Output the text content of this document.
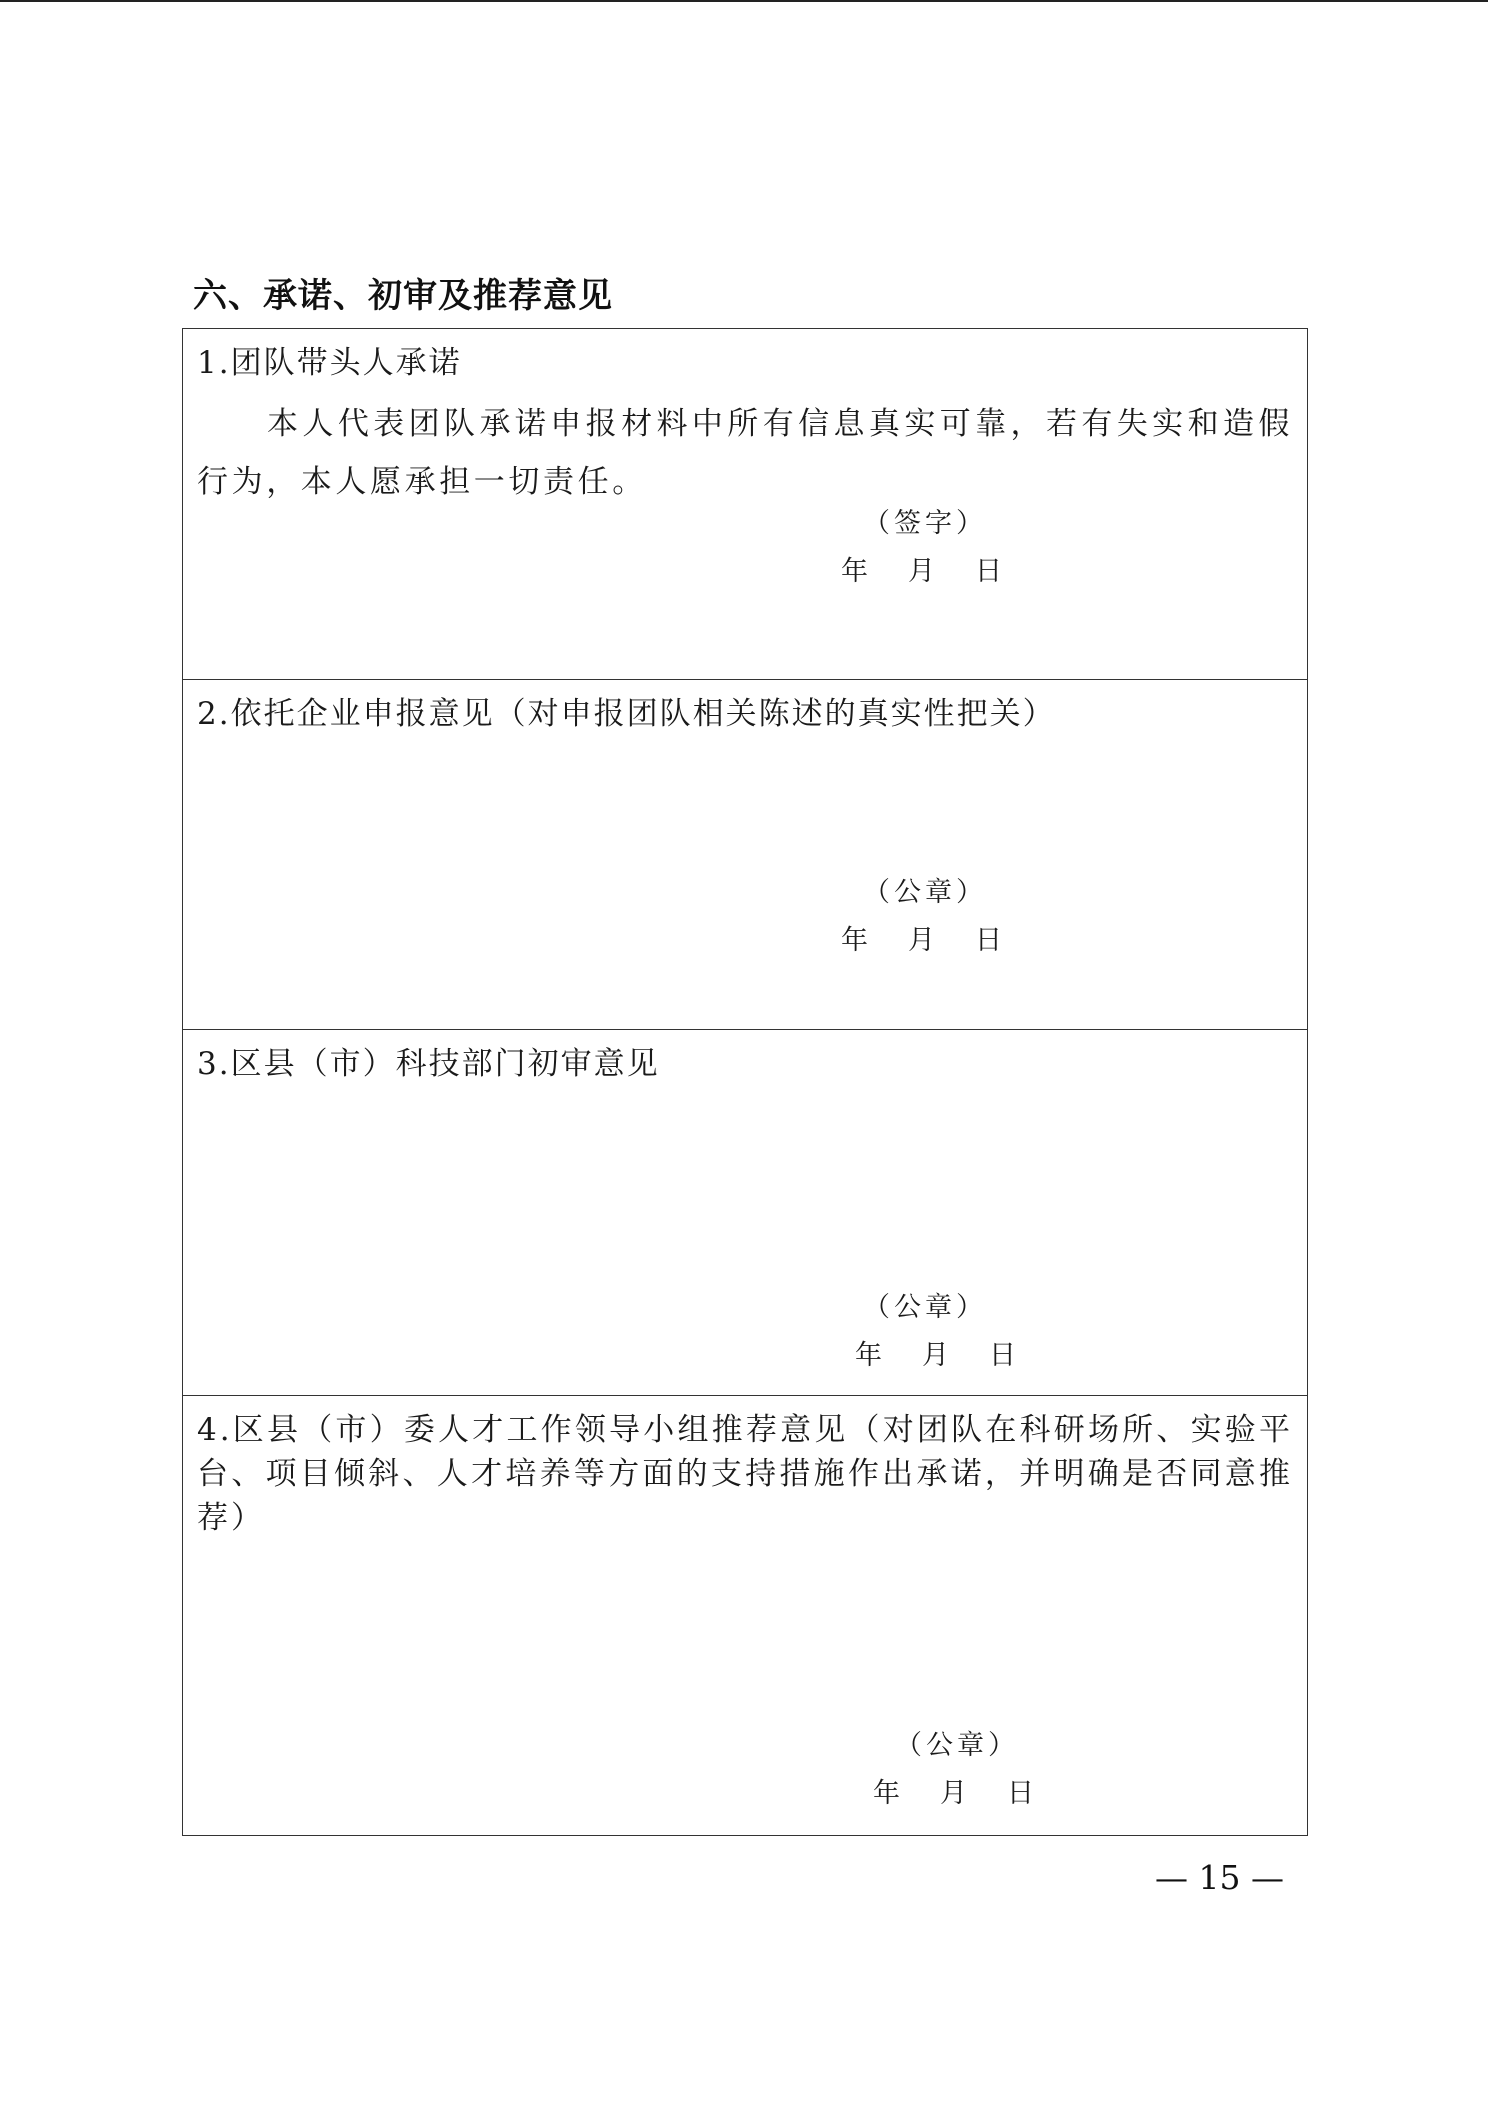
六、承诺、初审及推荐意见
1.团队带头人承诺
本人代表团队承诺申报材料中所有信息真实可靠，若有失实和造假行为，本人愿承担一切责任。
（签字）
年 月 日
2.依托企业申报意见（对申报团队相关陈述的真实性把关）
（公章）
年 月 日
3.区县（市）科技部门初审意见
（公章）
年 月 日
4.区县（市）委人才工作领导小组推荐意见（对团队在科研场所、实验平台、项目倾斜、人才培养等方面的支持措施作出承诺，并明确是否同意推荐）
（公章）
年 月 日
— 15 —
